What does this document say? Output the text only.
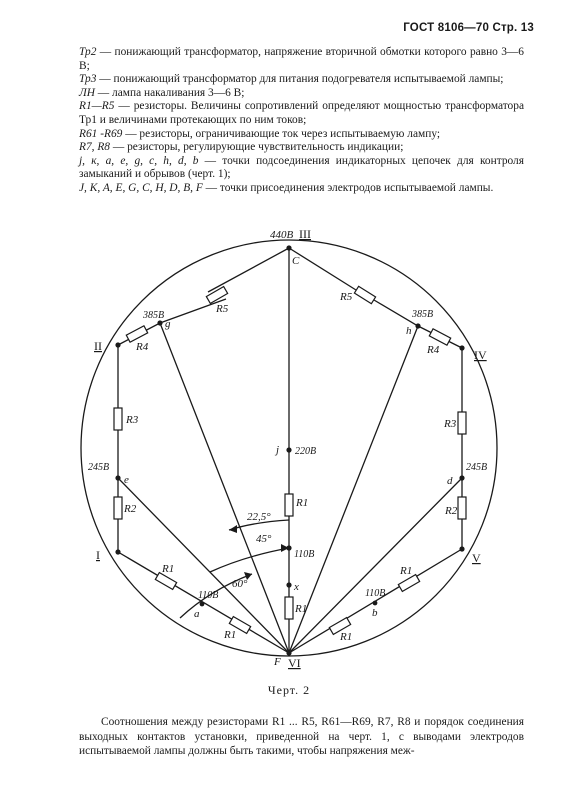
ГОСТ 8106—70 Стр. 13

Тр2 — понижающий трансформатор, напряжение вторичной обмотки которого равно 3—6 В;

Тр3 — понижающий трансформатор для питания подогревателя испытываемой лампы;

ЛН — лампа накаливания 3—6 В;

R1—R5 — резисторы. Величины сопротивлений определяют мощностью трансформатора Тр1 и величинами протекающих по ним токов;

R61 -R69 — резисторы, ограничивающие ток через испытываемую лампу;

R7, R8 — резисторы, регулирующие чувствительность индикации;

j, к, a, e, g, c, h, d, b — точки подсоединения индикаторных цепочек для контроля замыканий и обрывов (черт. 1);

J, K, A, E, G, C, H, D, B, F — точки присоединения электродов испытываемой лампы.

440В III
C
R5
R5
385В
g
385В
h
R4	R4
II
IV
R3	R3
j 220В
245В
e
245В
d
R2	R2
R1
22,5°
45°
110В
I	V
R1	R1
x
60°
110В	110В
a	b
R1
R1	R1
F VI
Черт. 2

Соотношения между резисторами R1 ... R5, R61—R69, R7, R8 и порядок соединения выходных контактов установки, приведенной на черт. 1, с выводами электродов испытываемой лампы должны быть такими, чтобы напряжения меж-
